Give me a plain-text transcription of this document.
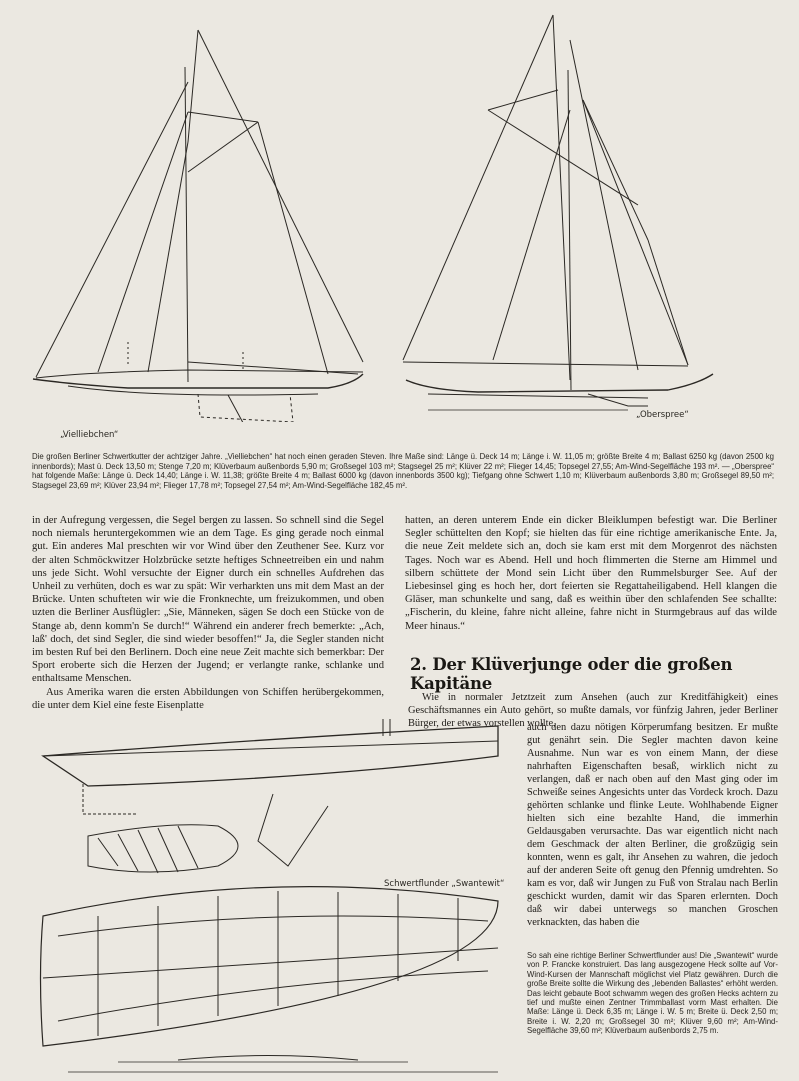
„Vielliebchen“
„Oberspree“
Die großen Berliner Schwertkutter der achtziger Jahre. „Vielliebchen“ hat noch einen geraden Steven. Ihre Maße sind: Länge ü. Deck 14 m; Länge i. W. 11,05 m; größte Breite 4 m; Ballast 6250 kg (davon 2500 kg innenbords); Mast ü. Deck 13,50 m; Stenge 7,20 m; Klüverbaum außenbords 5,90 m; Großsegel 103 m²; Stagsegel 25 m²; Klüver 22 m²; Flieger 14,45; Topsegel 27,55; Am-Wind-Segelfläche 193 m². — „Oberspree“ hat folgende Maße: Länge ü. Deck 14,40; Länge i. W. 11,38; größte Breite 4 m; Ballast 6000 kg (davon innenbords 3500 kg); Tiefgang ohne Schwert 1,10 m; Klüverbaum außenbords 3,80 m; Großsegel 89,50 m²; Stagsegel 23,69 m²; Klüver 23,94 m²; Flieger 17,78 m²; Topsegel 27,54 m²; Am-Wind-Segelfläche 182,45 m².

in der Aufregung vergessen, die Segel bergen zu lassen. So schnell sind die Segel noch niemals heruntergekommen wie an dem Tage. Es ging gerade noch einmal gut. Ein anderes Mal preschten wir vor Wind über den Zeuthener See. Kurz vor der alten Schmöckwitzer Holzbrücke setzte heftiges Schneetreiben ein und nahm uns jede Sicht. Wohl versuchte der Eigner durch ein schnelles Aufdrehen das Unheil zu verhüten, doch es war zu spät: Wir verharkten uns mit dem Mast an der Brücke. Unten schufteten wir wie die Fronknechte, um freizukommen, und oben uzten die Berliner Ausflügler: „Sie, Männeken, sägen Se doch een Stücke von de Stange ab, denn komm'n Se durch!“ Während ein anderer frech bemerkte: „Ach, laß' doch, det sind Segler, die sind wieder besoffen!“ Ja, die Segler standen nicht im besten Ruf bei den Berlinern. Doch eine neue Zeit machte sich bemerkbar: Der Sport eroberte sich die Herzen der Jugend; er verlangte ranke, schlanke und enthaltsame Menschen.

Aus Amerika waren die ersten Abbildungen von Schiffen herübergekommen, die unter dem Kiel eine feste Eisenplatte

hatten, an deren unterem Ende ein dicker Bleiklumpen befestigt war. Die Berliner Segler schüttelten den Kopf; sie hielten das für eine richtige amerikanische Ente. Ja, die neue Zeit meldete sich an, doch sie kam erst mit dem Morgenrot des nächsten Tages. Noch war es Abend. Hell und hoch flimmerten die Sterne am Himmel und silbern schüttete der Mond sein Licht über den Rummelsburger See. Auf der Liebesinsel ging es hoch her, dort feierten sie Regattaheiligabend. Hell klangen die Gläser, man schunkelte und sang, daß es weithin über den schlafenden See schallte: „Fischerin, du kleine, fahre nicht alleine, fahre nicht in Sturmgebraus auf das wilde Meer hinaus.“

2. Der Klüverjunge oder die großen Kapitäne

Wie in normaler Jetztzeit zum Ansehen (auch zur Kreditfähigkeit) eines Geschäftsmannes ein Auto gehört, so mußte damals, vor fünfzig Jahren, jeder Berliner Bürger, der etwas vorstellen wollte,

Schwertflunder „Swantewit“

auch den dazu nötigen Körperumfang besitzen. Er mußte gut genährt sein. Die Segler machten davon keine Ausnahme. Nun war es von einem Mann, der diese nahrhaften Eigenschaften besaß, wirklich nicht zu verlangen, daß er nach oben auf den Mast ging oder im Schweiße seines Angesichts unter das Vordeck kroch. Dazu gehörten schlanke und flinke Leute. Wohlhabende Eigner hielten sich eine bezahlte Hand, die immerhin Geldausgaben verursachte. Das war eigentlich nicht nach dem Geschmack der alten Berliner, die großzügig sein konnten, wenn es galt, ihr Ansehen zu wahren, die jedoch auf der anderen Seite oft genug den Pfennig umdrehten. So kam es vor, daß wir Jungen zu Fuß von Stralau nach Berlin geschickt wurden, damit wir das Sparen erlernten. Doch daß wir dabei unterwegs so manchen Groschen verknackten, das haben die

So sah eine richtige Berliner Schwertflunder aus! Die „Swantewit“ wurde von P. Francke konstruiert. Das lang ausgezogene Heck sollte auf Vor-Wind-Kursen der Mannschaft möglichst viel Platz gewähren. Durch die große Breite sollte die Wirkung des „lebenden Ballastes“ erhöht werden. Das leicht gebaute Boot schwamm wegen des großen Hecks achtern zu tief und mußte einen Zentner Trimmballast vorm Mast erhalten. Die Maße: Länge ü. Deck 6,35 m; Länge i. W. 5 m; Breite ü. Deck 2,50 m; Breite i. W. 2,20 m; Großsegel 30 m²; Klüver 9,60 m²; Am-Wind-Segelfläche 39,60 m²; Klüverbaum außenbords 2,75 m.
